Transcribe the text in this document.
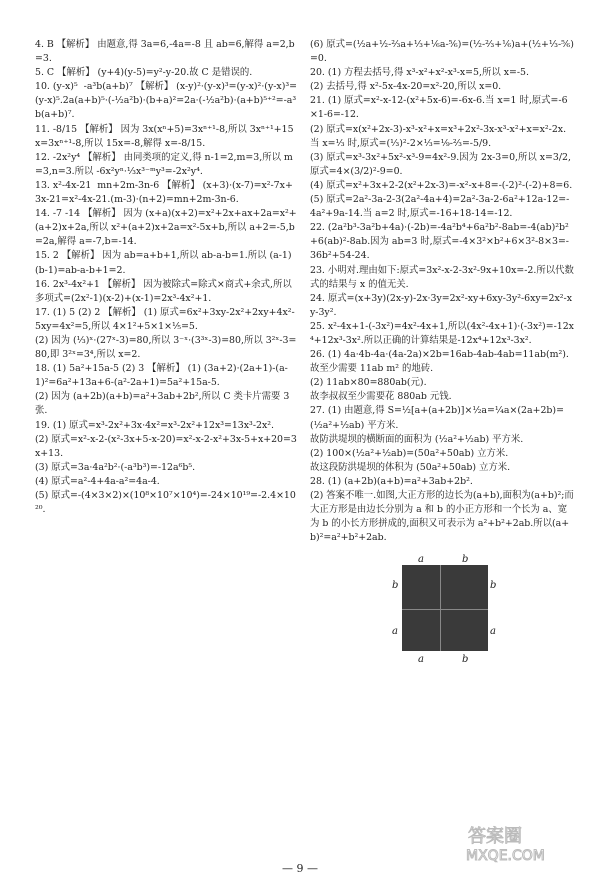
4. B 【解析】 由题意,得 3a=6,-4a=-8 且 ab=6,解得 a=2,b=3.

5. C 【解析】 (y+4)(y-5)=y²-y-20.故 C 是错误的.

10. (y-x)⁵  -a³b(a+b)⁷ 【解析】 (x-y)²·(y-x)³=(y-x)²·(y-x)³=(y-x)⁵.2a(a+b)⁵·(-½a²b)·(b+a)²=2a·(-½a²b)·(a+b)⁵⁺²=-a³b(a+b)⁷.

11. -8/15 【解析】 因为 3x(xⁿ+5)=3xⁿ⁺¹-8,所以 3xⁿ⁺¹+15x=3xⁿ⁺¹-8,所以 15x=-8,解得 x=-8/15.

12. -2x²y⁴ 【解析】 由同类项的定义,得 n-1=2,m=3,所以 m=3,n=3.所以 -6x²yⁿ·⅓x³⁻ᵐy³=-2x²y⁴.

13. x²-4x-21  mn+2m-3n-6 【解析】 (x+3)·(x-7)=x²-7x+3x-21=x²-4x-21.(m-3)·(n+2)=mn+2m-3n-6.

14. -7 -14 【解析】 因为 (x+a)(x+2)=x²+2x+ax+2a=x²+(a+2)x+2a,所以 x²+(a+2)x+2a=x²-5x+b,所以 a+2=-5,b=2a,解得 a=-7,b=-14.

15. 2 【解析】 因为 ab=a+b+1,所以 ab-a-b=1.所以 (a-1)(b-1)=ab-a-b+1=2.

16. 2x³-4x²+1 【解析】 因为被除式=除式×商式+余式,所以多项式=(2x²-1)(x-2)+(x-1)=2x³-4x²+1.

17. (1) 5 (2) 2 【解析】 (1) 原式=6x²+3xy-2x²+2xy+4x²-5xy=4x²=5,所以 4×1²+5×1×⅕=5.

(2) 因为 (⅓)ˣ·(27ˣ-3)=80,所以 3⁻ˣ·(3³ˣ-3)=80,所以 3²ˣ-3=80,即 3²ˣ=3⁴,所以 x=2.

18. (1) 5a²+15a-5 (2) 3 【解析】 (1) (3a+2)·(2a+1)-(a-1)²=6a²+13a+6-(a²-2a+1)=5a²+15a-5.

(2) 因为 (a+2b)(a+b)=a²+3ab+2b²,所以 C 类卡片需要 3 张.

19. (1) 原式=x³-2x²+3x·4x²=x³-2x²+12x³=13x³-2x².

(2) 原式=x²-x-2-(x²-3x+5-x-20)=x²-x-2-x²+3x-5+x+20=3x+13.

(3) 原式=3a·4a²b²·(-a³b³)=-12a⁶b⁵.

(4) 原式=a²-4+4a-a²=4a-4.

(5) 原式=-(4×3×2)×(10⁸×10⁷×10⁴)=-24×10¹⁹=-2.4×10²⁰.

(6) 原式=(½a+½-⅔a+⅓+⅙a-⅚)=(½-⅔+⅙)a+(½+⅓-⅚)=0.

20. (1) 方程去括号,得 x³-x²+x²-x³-x=5,所以 x=-5.

(2) 去括号,得 x²-5x-4x-20=x²-20,所以 x=0.

21. (1) 原式=x²-x-12-(x²+5x-6)=-6x-6.当 x=1 时,原式=-6×1-6=-12.

(2) 原式=x(x²+2x-3)-x³-x²+x=x³+2x²-3x-x³-x²+x=x²-2x.当 x=⅓ 时,原式=(⅓)²-2×⅓=⅑-⅔=-5/9.

(3) 原式=x³-3x²+5x²-x³-9=4x²-9.因为 2x-3=0,所以 x=3/2,原式=4×(3/2)²-9=0.

(4) 原式=x²+3x+2-2(x²+2x-3)=-x²-x+8=-(-2)²-(-2)+8=6.

(5) 原式=2a²-3a-2-3(2a²-4a+4)=2a²-3a-2-6a²+12a-12=-4a²+9a-14.当 a=2 时,原式=-16+18-14=-12.

22. (2a²b³-3a²b+4a)·(-2b)=-4a²b⁴+6a²b²-8ab=-4(ab)²b²+6(ab)²-8ab.因为 ab=3 时,原式=-4×3²×b²+6×3²-8×3=-36b²+54-24.

23. 小明对.理由如下:原式=3x²-x-2-3x²-9x+10x=-2.所以代数式的结果与 x 的值无关.

24. 原式=(x+3y)(2x-y)-2x·3y=2x²-xy+6xy-3y²-6xy=2x²-xy-3y².

25. x²-4x+1-(-3x²)=4x²-4x+1,所以(4x²-4x+1)·(-3x²)=-12x⁴+12x³-3x².所以正确的计算结果是-12x⁴+12x³-3x².

26. (1) 4a·4b-4a·(4a-2a)×2b=16ab-4ab-4ab=11ab(m²).

故至少需要 11ab m² 的地砖.

(2) 11ab×80=880ab(元).

故李叔叔至少需要花 880ab 元钱.

27. (1) 由题意,得 S=½[a+(a+2b)]×½a=¼a×(2a+2b)=(½a²+½ab) 平方米.

故防洪堤坝的横断面的面积为 (½a²+½ab) 平方米.

(2) 100×(½a²+½ab)=(50a²+50ab) 立方米.

故这段防洪堤坝的体积为 (50a²+50ab) 立方米.

28. (1) (a+2b)(a+b)=a²+3ab+2b².

(2) 答案不唯一.如图,大正方形的边长为(a+b),面积为(a+b)²;而大正方形是由边长分别为 a 和 b 的小正方形和一个长为 a、宽为 b 的小长方形拼成的,面积又可表示为 a²+b²+2ab.所以(a+b)²=a²+b²+2ab.

a	b
b
a
b
a
a	b
— 9 —
答案圈
MXQE.COM
